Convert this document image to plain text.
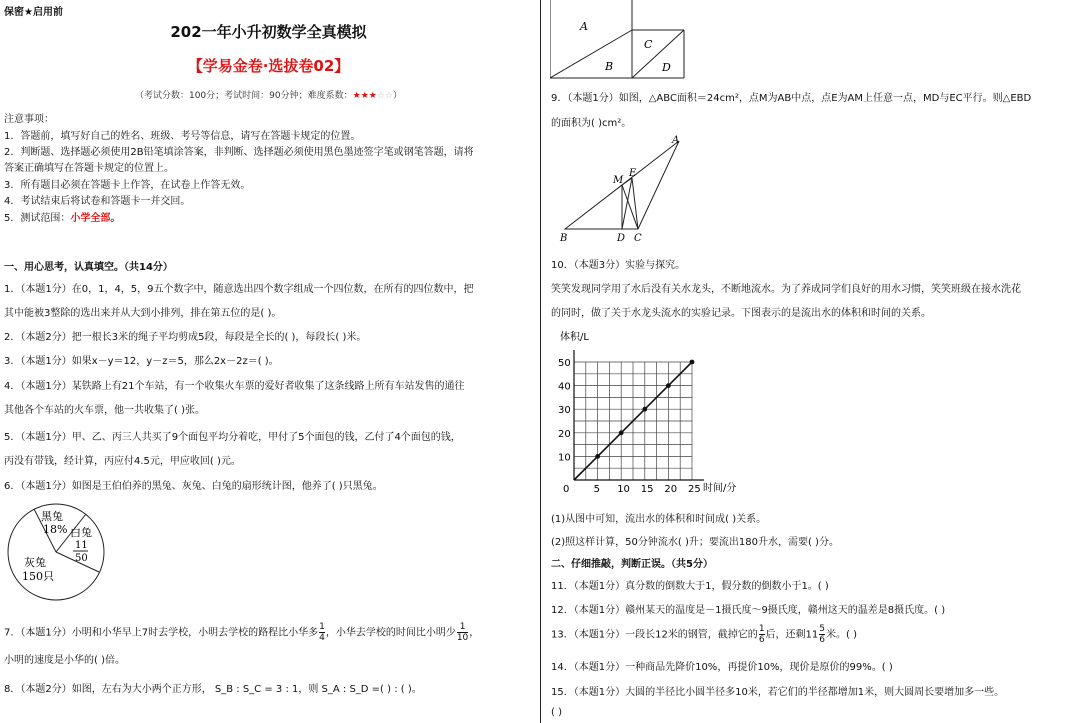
保密★启用前
202一年小升初数学全真模拟
【学易金卷·选拔卷02】
（考试分数：100分；考试时间：90分钟；难度系数：★★★☆☆）
注意事项：
1．答题前，填写好自己的姓名、班级、考号等信息，请写在答题卡规定的位置。
2．判断题、选择题必须使用2B铅笔填涂答案，非判断、选择题必须使用黑色墨迹签字笔或钢笔答题，请将
答案正确填写在答题卡规定的位置上。
3．所有题目必须在答题卡上作答，在试卷上作答无效。
4．考试结束后将试卷和答题卡一并交回。
5．测试范围：小学全部。
一、用心思考，认真填空。（共14分）
1．（本题1分）在0，1，4，5，9五个数字中，随意选出四个数字组成一个四位数，在所有的四位数中，把
其中能被3整除的选出来并从大到小排列，排在第五位的是( )。
2．（本题2分）把一根长3米的绳子平均剪成5段，每段是全长的( )，每段长( )米。
3．（本题1分）如果x－y＝12，y－z＝5，那么2x－2z＝( )。
4．（本题1分）某铁路上有21个车站，有一个收集火车票的爱好者收集了这条线路上所有车站发售的通往
其他各个车站的火车票，他一共收集了( )张。
5．（本题1分）甲、乙、丙三人共买了9个面包平均分着吃，甲付了5个面包的钱，乙付了4个面包的钱，
丙没有带钱，经计算，丙应付4.5元，甲应收回( )元。
6．（本题1分）如图是王伯伯养的黑兔、灰兔、白兔的扇形统计图，他养了( )只黑兔。
黑兔
18% 白兔
11
50
灰兔
150只
7．（本题1分）小明和小华早上7时去学校，小明去学校的路程比小华多 $\frac{1}{4}$ ，小华去学校的时间比小明少 $\frac{1}{10}$ ，
小明的速度是小华的( )倍。
8．（本题2分）如图，左右为大小两个正方形， S_B : S_C = 3 : 1，则 S_A : S_D =( ) : ( )。
A
B
C
D
9．（本题1分）如图，△ABC面积＝24cm²，点M为AB中点，点E为AM上任意一点，MD与EC平行。则△EBD
的面积为( )cm²。
A
M
E
B	D C
10．（本题3分）实验与探究。
笑笑发现同学用了水后没有关水龙头，不断地流水。为了养成同学们良好的用水习惯，笑笑班级在接水洗花
的同时，做了关于水龙头流水的实验记录。下图表示的是流出水的体积和时间的关系。
体积/L
时间/分
0 5 10 15 20 25
10
20
30
40
50
(1)从图中可知，流出水的体积和时间成( )关系。
(2)照这样计算，50分钟流水( )升；要流出180升水，需要( )分。
二、仔细推敲，判断正误。（共5分）
11．（本题1分）真分数的倒数大于1，假分数的倒数小于1。( )
12．（本题1分）赣州某天的温度是－1摄氏度～9摄氏度，赣州这天的温差是8摄氏度。( )
13．（本题1分）一段长12米的钢管，截掉它的 $\frac{1}{6}$ 后，还剩$11 \frac{5}{6}$ 米。( )
14．（本题1分）一种商品先降价10%，再提价10%，现价是原价的99%。( )
15．（本题1分）大圆的半径比小圆半径多10米，若它们的半径都增加1米，则大圆周长要增加多一些。
( )
